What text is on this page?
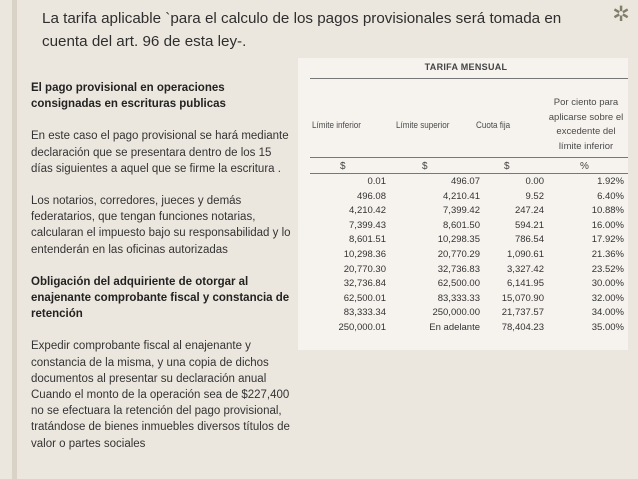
✲
La tarifa aplicable `para el calculo de los pagos provisionales será tomada en cuenta del art. 96 de esta ley-.

El pago provisional en operaciones consignadas en escrituras publicas

En este caso el pago provisional se hará mediante declaración que se presentara dentro de los 15 días siguientes a aquel que se firme la escritura .

Los notarios, corredores, jueces y demás federatarios, que tengan funciones notarias, calcularan el impuesto bajo su responsabilidad y lo entenderán en las oficinas autorizadas

Obligación del adquiriente de otorgar al enajenante comprobante fiscal y constancia de retención

Expedir comprobante fiscal al enajenante y constancia de la misma, y una copia de dichos documentos al presentar su declaración anual Cuando el monto de la operación sea de $227,400 no se efectuara la retención del pago provisional, tratándose de bienes inmuebles diversos títulos de valor o partes sociales

TARIFA MENSUAL
Límite inferior	Límite superior	Cuota fija
Por ciento para aplicarse sobre el excedente del límite inferior
$	$	$	%
0.01	496.07	0.00	1.92%
496.08	4,210.41	9.52	6.40%
4,210.42	7,399.42	247.24	10.88%
7,399.43	8,601.50	594.21	16.00%
8,601.51	10,298.35	786.54	17.92%
10,298.36	20,770.29	1,090.61	21.36%
20,770.30	32,736.83	3,327.42	23.52%
32,736.84	62,500.00	6,141.95	30.00%
62,500.01	83,333.33	15,070.90	32.00%
83,333.34	250,000.00	21,737.57	34.00%
250,000.01	En adelante	78,404.23	35.00%
